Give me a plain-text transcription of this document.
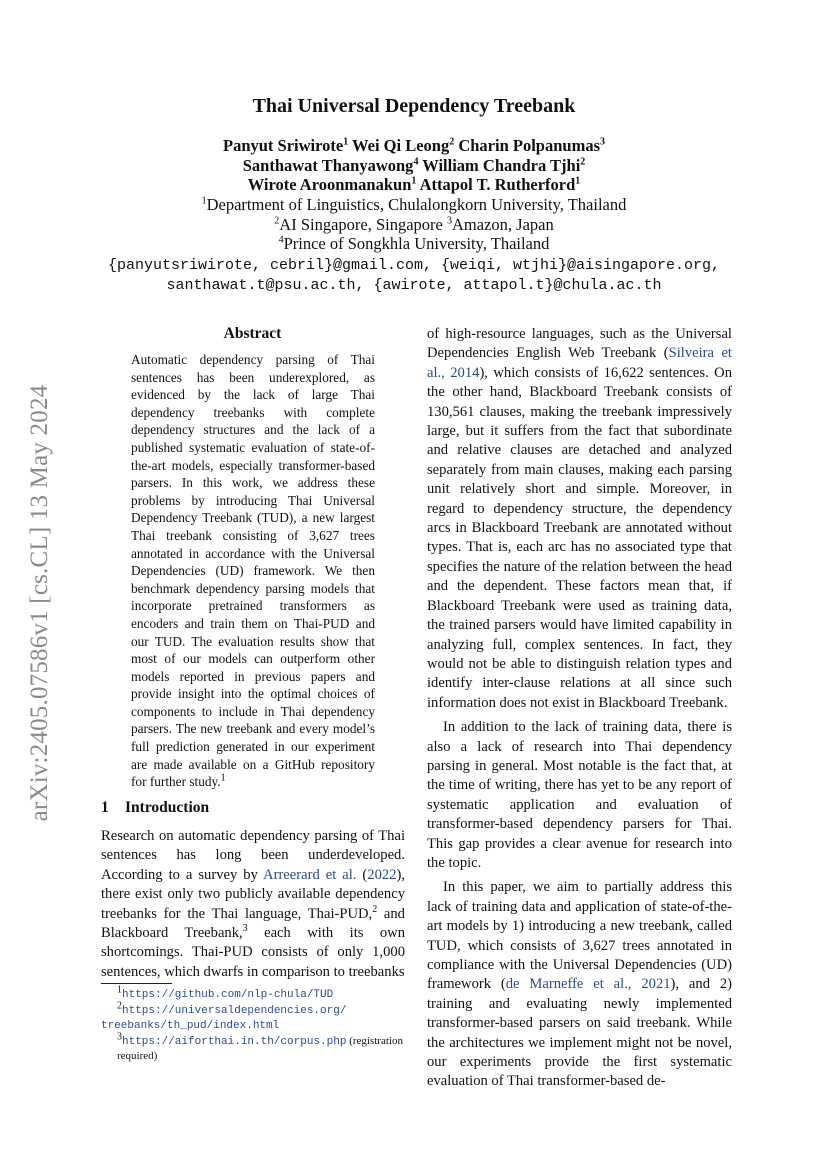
arXiv:2405.07586v1 [cs.CL] 13 May 2024
Thai Universal Dependency Treebank
Panyut Sriwirote$^1$ Wei Qi Leong$^2$ Charin Polpanumas$^3$
Santhawat Thanyawong$^4$ William Chandra Tjhi$^2$
Wirote Aroonmanakun$^1$ Attapol T. Rutherford$^1$
$^1$Department of Linguistics, Chulalongkorn University, Thailand
$^2$AI Singapore, Singapore $^3$Amazon, Japan
$^4$Prince of Songkhla University, Thailand
{panyutsriwirote, cebril}@gmail.com, {weiqi, wtjhi}@aisingapore.org,
santhawat.t@psu.ac.th, {awirote, attapol.t}@chula.ac.th
Abstract
Automatic dependency parsing of Thai sentences has been underexplored, as evidenced by the lack of large Thai dependency treebanks with complete dependency structures and the lack of a published systematic evaluation of state-of-the-art models, especially transformer-based parsers. In this work, we address these problems by introducing Thai Universal Dependency Treebank (TUD), a new largest Thai treebank consisting of 3,627 trees annotated in accordance with the Universal Dependencies (UD) framework. We then benchmark dependency parsing models that incorporate pretrained transformers as encoders and train them on Thai-PUD and our TUD. The evaluation results show that most of our models can outperform other models reported in previous papers and provide insight into the optimal choices of components to include in Thai dependency parsers. The new treebank and every model’s full prediction generated in our experiment are made available on a GitHub repository for further study.$^1$
1 Introduction

Research on automatic dependency parsing of Thai sentences has long been underdeveloped. According to a survey by Arreerard et al. (2022), there exist only two publicly available dependency treebanks for the Thai language, Thai-PUD,$^2$ and Blackboard Treebank,$^3$ each with its own shortcomings. Thai-PUD consists of only 1,000 sentences, which dwarfs in comparison to treebanks

$^1$https://github.com/nlp-chula/TUD
$^2$https://universaldependencies.org/
treebanks/th_pud/index.html
$^3$https://aiforthai.in.th/corpus.php (registration required)

of high-resource languages, such as the Universal Dependencies English Web Treebank (Silveira et al., 2014), which consists of 16,622 sentences. On the other hand, Blackboard Treebank consists of 130,561 clauses, making the treebank impressively large, but it suffers from the fact that subordinate and relative clauses are detached and analyzed separately from main clauses, making each parsing unit relatively short and simple. Moreover, in regard to dependency structure, the dependency arcs in Blackboard Treebank are annotated without types. That is, each arc has no associated type that specifies the nature of the relation between the head and the dependent. These factors mean that, if Blackboard Treebank were used as training data, the trained parsers would have limited capability in analyzing full, complex sentences. In fact, they would not be able to distinguish relation types and identify inter-clause relations at all since such information does not exist in Blackboard Treebank.

In addition to the lack of training data, there is also a lack of research into Thai dependency parsing in general. Most notable is the fact that, at the time of writing, there has yet to be any report of systematic application and evaluation of transformer-based dependency parsers for Thai. This gap provides a clear avenue for research into the topic.

In this paper, we aim to partially address this lack of training data and application of state-of-the-art models by 1) introducing a new treebank, called TUD, which consists of 3,627 trees annotated in compliance with the Universal Dependencies (UD) framework (de Marneffe et al., 2021), and 2) training and evaluating newly implemented transformer-based parsers on said treebank. While the architectures we implement might not be novel, our experiments provide the first systematic evaluation of Thai transformer-based de-
